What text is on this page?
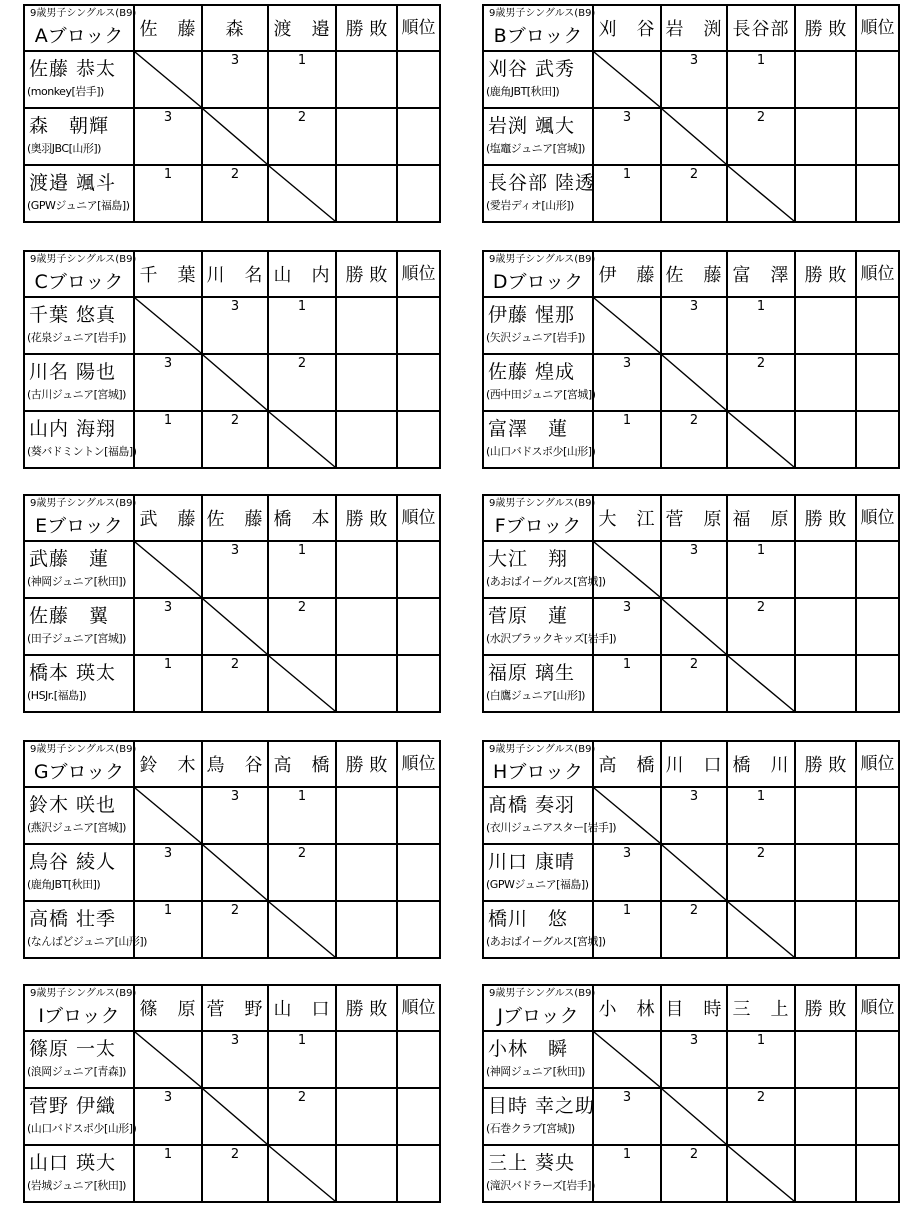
9歳男子シングルス(B9)
Aブロック	佐　藤	森	渡　邉	勝 敗	順位

佐藤 恭太
(monkey[岩手])		3	1		

森　朝輝
(奥羽JBC[山形])	3		2		

渡邉 颯斗
(GPWジュニア[福島])	1	2

9歳男子シングルス(B9)
Bブロック	刈　谷	岩　渕	長谷部	勝 敗	順位

刈谷 武秀
(鹿角JBT[秋田])		3	1		

岩渕 颯大
(塩竈ジュニア[宮城])	3		2		

長谷部 陸透
(愛岩ディオ[山形])	1	2

9歳男子シングルス(B9)
Cブロック	千　葉	川　名	山　内	勝 敗	順位

千葉 悠真
(花泉ジュニア[岩手])		3	1		

川名 陽也
(古川ジュニア[宮城])	3		2		

山内 海翔
(葵バドミントン[福島])	1	2

9歳男子シングルス(B9)
Dブロック	伊　藤	佐　藤	富　澤	勝 敗	順位

伊藤 惺那
(矢沢ジュニア[岩手])		3	1		

佐藤 煌成
(西中田ジュニア[宮城])	3		2		

富澤　蓮
(山口バドスポ少[山形])	1	2

9歳男子シングルス(B9)
Eブロック	武　藤	佐　藤	橋　本	勝 敗	順位

武藤　蓮
(神岡ジュニア[秋田])		3	1		

佐藤　翼
(田子ジュニア[宮城])	3		2		

橋本 瑛太
(HSJr.[福島])	1	2

9歳男子シングルス(B9)
Fブロック	大　江	菅　原	福　原	勝 敗	順位

大江　翔
(あおばイーグルス[宮城])		3	1		

菅原　蓮
(水沢ブラックキッズ[岩手])	3		2		

福原 璃生
(白鷹ジュニア[山形])	1	2

9歳男子シングルス(B9)
Gブロック	鈴　木	鳥　谷	高　橋	勝 敗	順位

鈴木 咲也
(燕沢ジュニア[宮城])		3	1		

鳥谷 綾人
(鹿角JBT[秋田])	3		2		

高橋 壮季
(なんばどジュニア[山形])	1	2

9歳男子シングルス(B9)
Hブロック	高　橋	川　口	橋　川	勝 敗	順位

髙橋 奏羽
(衣川ジュニアスター[岩手])		3	1		

川口 康晴
(GPWジュニア[福島])	3		2		

橋川　悠
(あおばイーグルス[宮城])	1	2

9歳男子シングルス(B9)
Iブロック	篠　原	菅　野	山　口	勝 敗	順位

篠原 一太
(浪岡ジュニア[青森])		3	1		

菅野 伊織
(山口バドスポ少[山形])	3		2		

山口 瑛大
(岩城ジュニア[秋田])	1	2

9歳男子シングルス(B9)
Jブロック	小　林	目　時	三　上	勝 敗	順位

小林　瞬
(神岡ジュニア[秋田])		3	1		

目時 幸之助
(石巻クラブ[宮城])	3		2		

三上 葵央
(滝沢バドラーズ[岩手])	1	2
